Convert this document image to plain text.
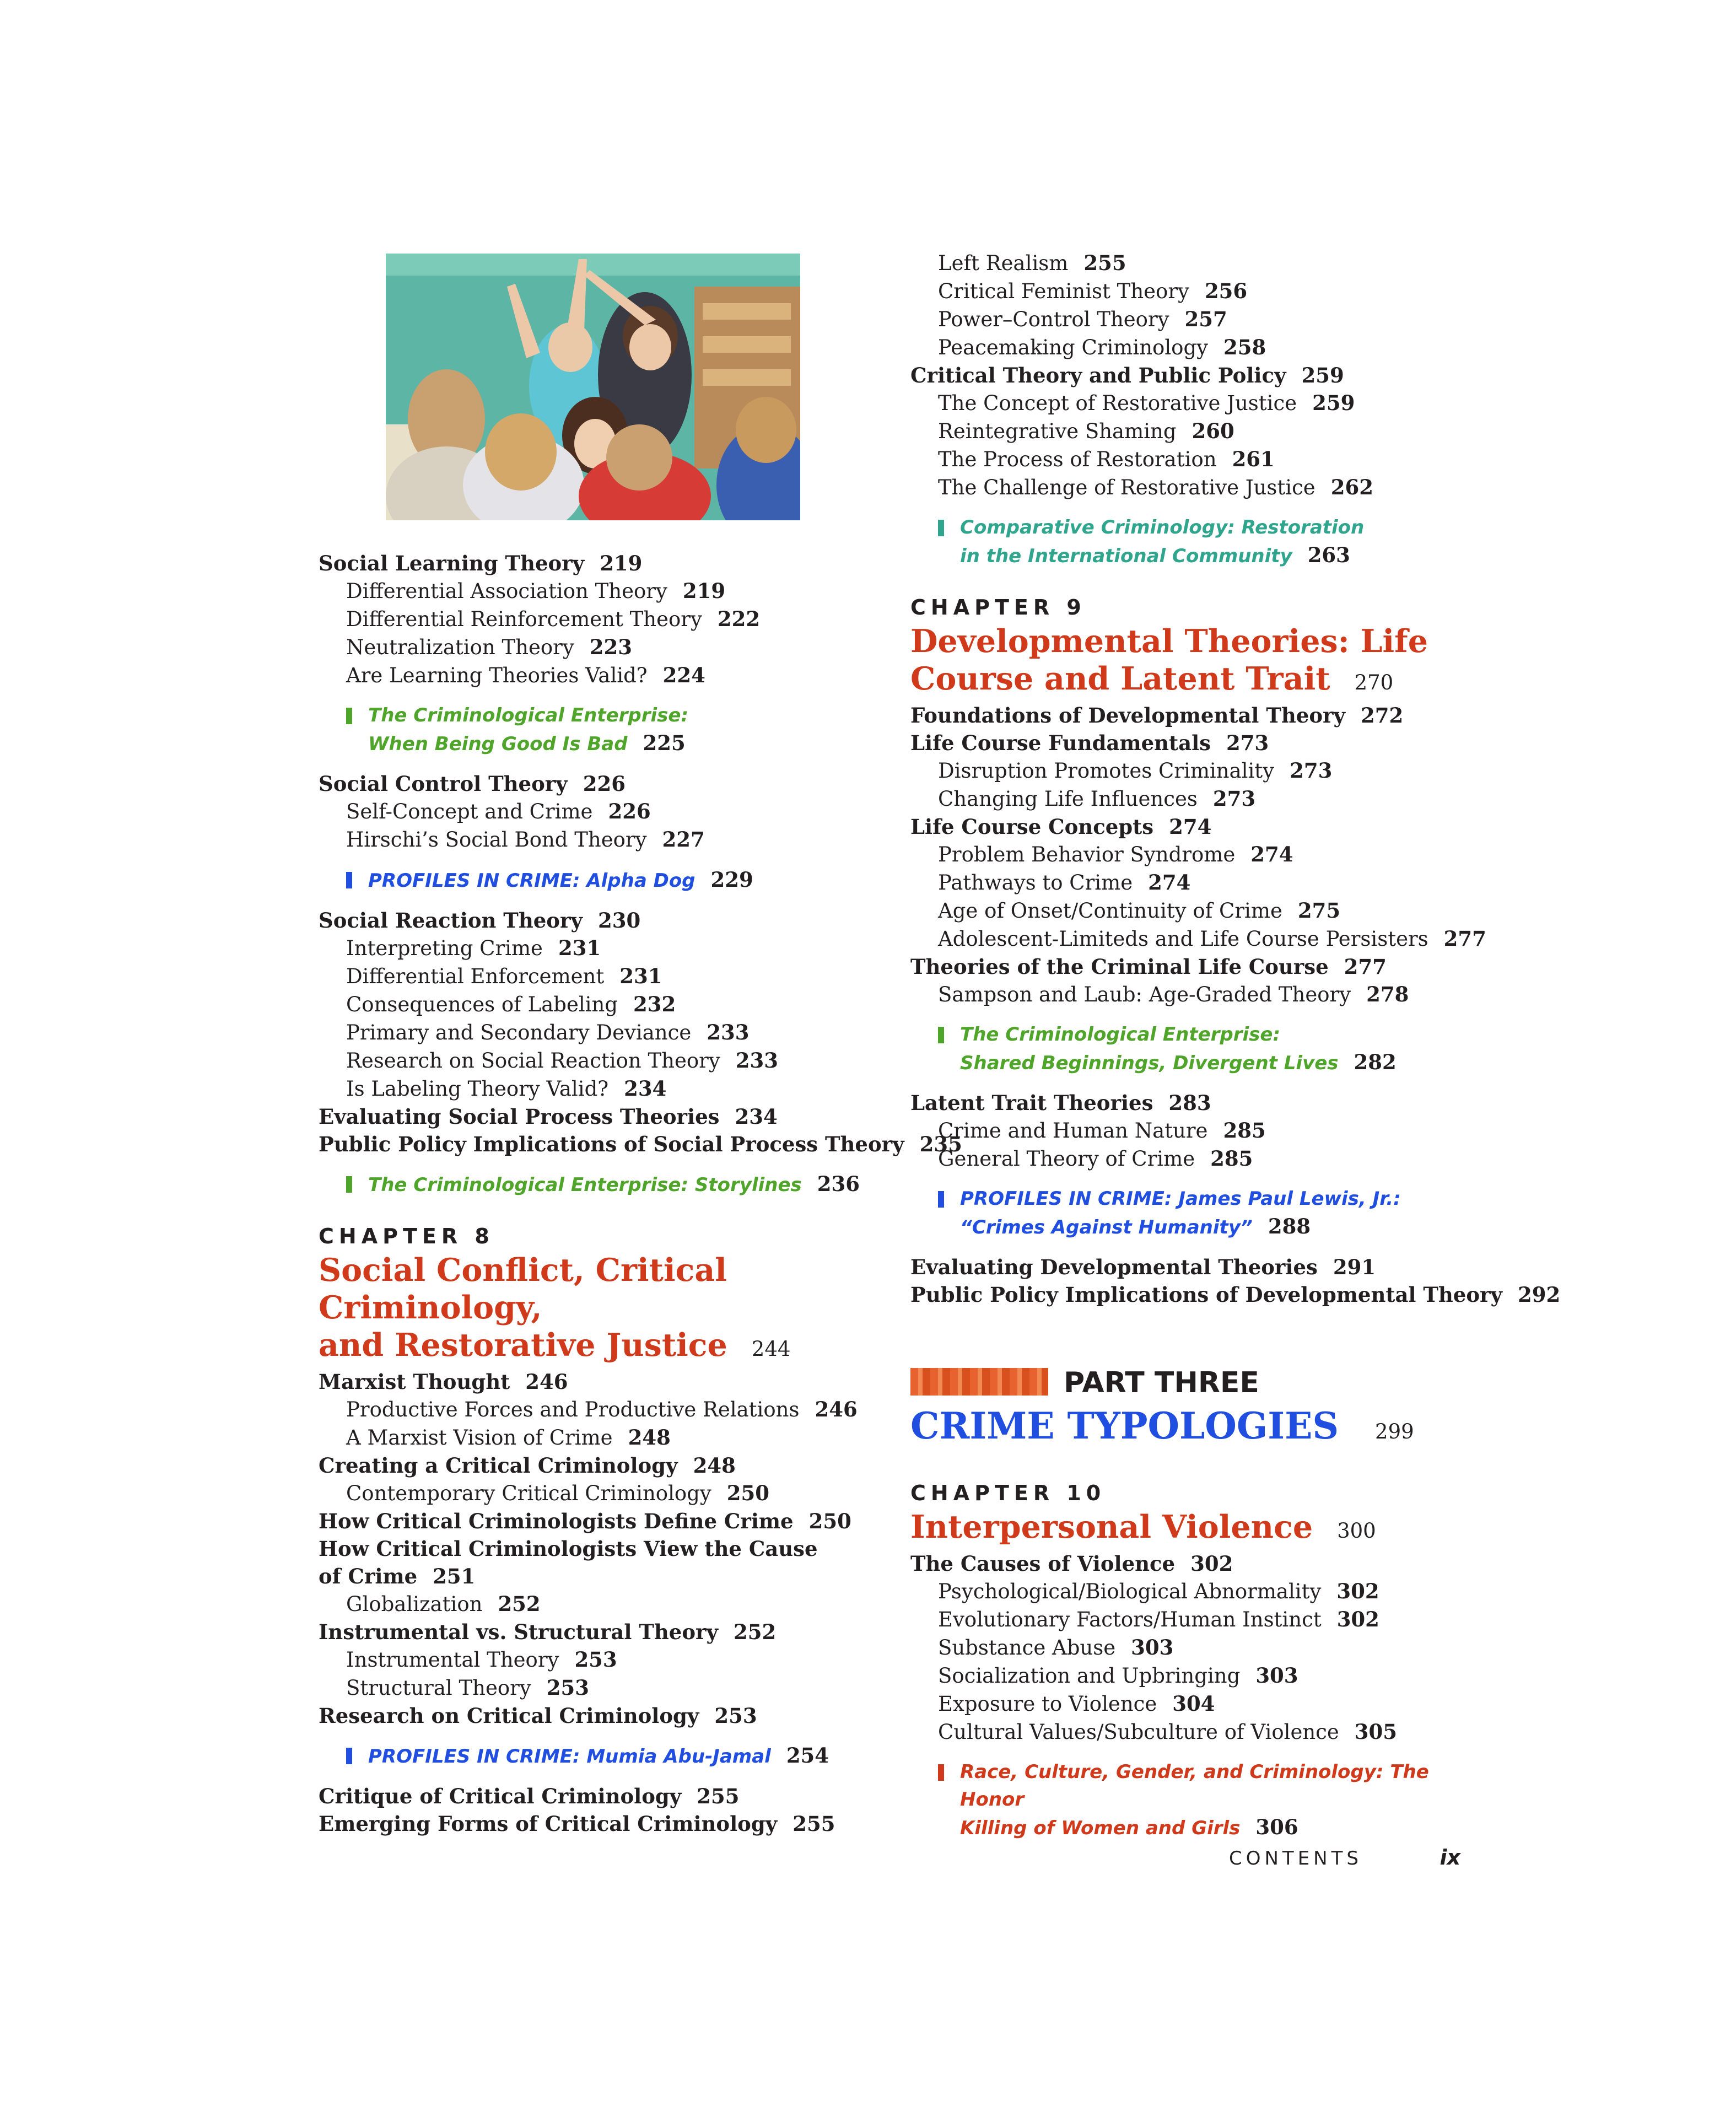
Social Learning Theory 219
Differential Association Theory 219
Differential Reinforcement Theory 222
Neutralization Theory 223
Are Learning Theories Valid? 224
The Criminological Enterprise:
When Being Good Is Bad 225
Social Control Theory 226
Self-Concept and Crime 226
Hirschi’s Social Bond Theory 227
PROFILES IN CRIME: Alpha Dog 229
Social Reaction Theory 230
Interpreting Crime 231
Differential Enforcement 231
Consequences of Labeling 232
Primary and Secondary Deviance 233
Research on Social Reaction Theory 233
Is Labeling Theory Valid? 234
Evaluating Social Process Theories 234
Public Policy Implications of Social Process Theory 235
The Criminological Enterprise: Storylines 236
CHAPTER 8
Social Conflict, Critical Criminology,
and Restorative Justice 244
Marxist Thought 246
Productive Forces and Productive Relations 246
A Marxist Vision of Crime 248
Creating a Critical Criminology 248
Contemporary Critical Criminology 250
How Critical Criminologists Define Crime 250
How Critical Criminologists View the Cause
of Crime 251
Globalization 252
Instrumental vs. Structural Theory 252
Instrumental Theory 253
Structural Theory 253
Research on Critical Criminology 253
PROFILES IN CRIME: Mumia Abu-Jamal 254
Critique of Critical Criminology 255
Emerging Forms of Critical Criminology 255
Left Realism 255
Critical Feminist Theory 256
Power–Control Theory 257
Peacemaking Criminology 258
Critical Theory and Public Policy 259
The Concept of Restorative Justice 259
Reintegrative Shaming 260
The Process of Restoration 261
The Challenge of Restorative Justice 262
Comparative Criminology: Restoration
in the International Community 263
CHAPTER 9
Developmental Theories: Life
Course and Latent Trait 270
Foundations of Developmental Theory 272
Life Course Fundamentals 273
Disruption Promotes Criminality 273
Changing Life Influences 273
Life Course Concepts 274
Problem Behavior Syndrome 274
Pathways to Crime 274
Age of Onset/Continuity of Crime 275
Adolescent-Limiteds and Life Course Persisters 277
Theories of the Criminal Life Course 277
Sampson and Laub: Age-Graded Theory 278
The Criminological Enterprise:
Shared Beginnings, Divergent Lives 282
Latent Trait Theories 283
Crime and Human Nature 285
General Theory of Crime 285
PROFILES IN CRIME: James Paul Lewis, Jr.:
“Crimes Against Humanity” 288
Evaluating Developmental Theories 291
Public Policy Implications of Developmental Theory 292
PART THREE
CRIME TYPOLOGIES 299
CHAPTER 10
Interpersonal Violence 300
The Causes of Violence 302
Psychological/Biological Abnormality 302
Evolutionary Factors/Human Instinct 302
Substance Abuse 303
Socialization and Upbringing 303
Exposure to Violence 304
Cultural Values/Subculture of Violence 305
Race, Culture, Gender, and Criminology: The Honor
Killing of Women and Girls 306
CONTENTS	ix
